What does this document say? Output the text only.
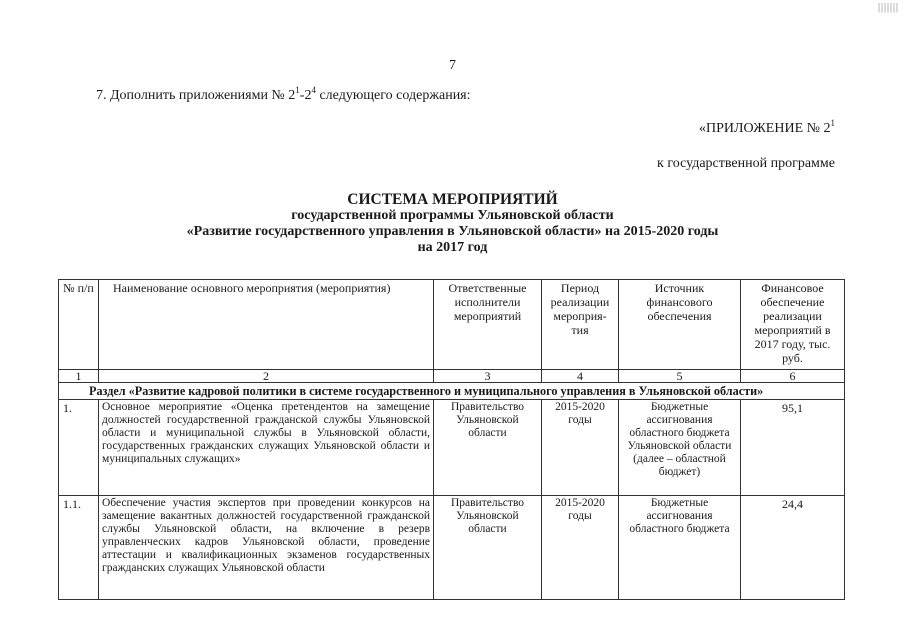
|||||||
7
7. Дополнить приложениями № $2^1-2^4$ следующего содержания:
«ПРИЛОЖЕНИЕ № $2^1$
к государственной программе
СИСТЕМА МЕРОПРИЯТИЙ
государственной программы Ульяновской области
«Развитие государственного управления в Ульяновской области» на 2015-2020 годы
на 2017 год
№ п/п	Наименование основного мероприятия (мероприятия)	Ответственные исполнители мероприятий	Период реализации мероприя-тия	Источник финансового обеспечения	Финансовое обеспечение реализации мероприятий в 2017 году, тыс. руб.
1	2	3	4	5	6
Раздел «Развитие кадровой политики в системе государственного и муниципального управления в Ульяновской области»					
1.	Основное мероприятие «Оценка претендентов на замещение должностей государственной гражданской службы Ульяновской области и муниципальной службы в Ульяновской области, государственных гражданских служащих Ульяновской области и муниципальных служащих»	Правительство Ульяновской области	2015-2020 годы	Бюджетные ассигнования областного бюджета Ульяновской области (далее – областной бюджет)	95,1
1.1.	Обеспечение участия экспертов при проведении конкурсов на замещение вакантных должностей государственной гражданской службы Ульяновской области, на включение в резерв управленческих кадров Ульяновской области, проведение аттестации и квалификационных экзаменов государственных гражданских служащих Ульяновской области	Правительство Ульяновской области	2015-2020 годы	Бюджетные ассигнования областного бюджета	24,4
